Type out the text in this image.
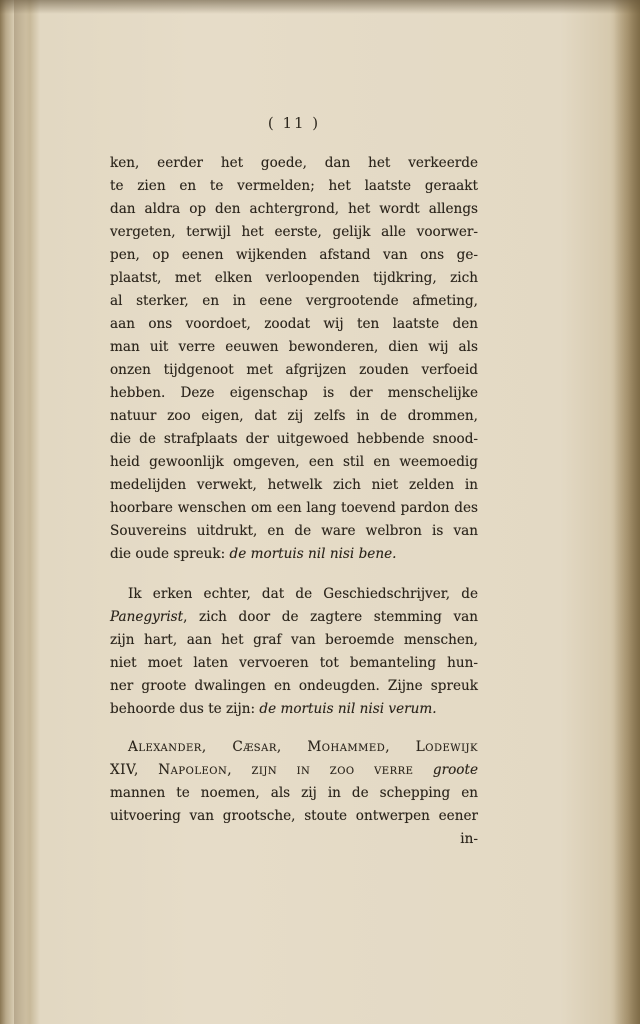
( 11 )
ken, eerder het goede, dan het verkeerde
te zien en te vermelden; het laatste geraakt
dan aldra op den achtergrond, het wordt allengs
vergeten, terwijl het eerste, gelijk alle voorwer-
pen, op eenen wijkenden afstand van ons ge-
plaatst, met elken verloopenden tijdkring, zich
al sterker, en in eene vergrootende afmeting,
aan ons voordoet, zoodat wij ten laatste den
man uit verre eeuwen bewonderen, dien wij als
onzen tijdgenoot met afgrijzen zouden verfoeid
hebben. Deze eigenschap is der menschelijke
natuur zoo eigen, dat zij zelfs in de drommen,
die de strafplaats der uitgewoed hebbende snood-
heid gewoonlijk omgeven, een stil en weemoedig
medelijden verwekt, hetwelk zich niet zelden in
hoorbare wenschen om een lang toevend pardon des
Souvereins uitdrukt, en de ware welbron is van
die oude spreuk: de mortuis nil nisi bene.
Ik erken echter, dat de Geschiedschrijver, de
Panegyrist, zich door de zagtere stemming van
zijn hart, aan het graf van beroemde menschen,
niet moet laten vervoeren tot bemanteling hun-
ner groote dwalingen en ondeugden. Zijne spreuk
behoorde dus te zijn: de mortuis nil nisi verum.
Alexander, Cæsar, Mohammed, Lodewijk
XIV, Napoleon, zijn in zoo verre groote
mannen te noemen, als zij in de schepping en
uitvoering van grootsche, stoute ontwerpen eener
in-
